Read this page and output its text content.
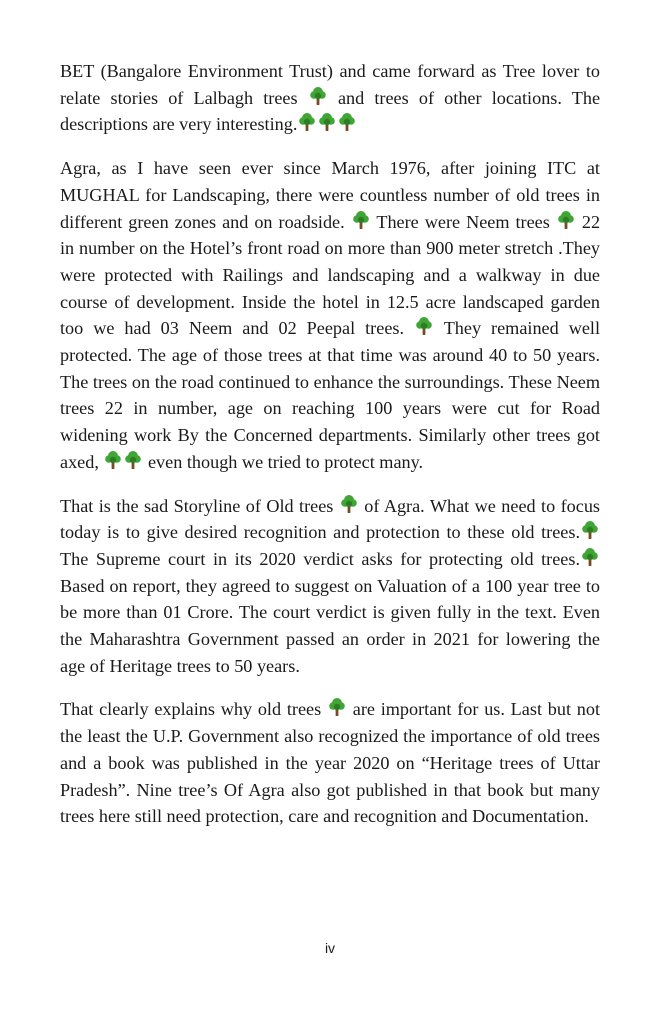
BET (Bangalore Environment Trust) and came forward as Tree lover to relate stories of Lalbagh trees and trees of other locations. The descriptions are very interesting.

Agra, as I have seen ever since March 1976, after joining ITC at MUGHAL for Landscaping, there were countless number of old trees in different green zones and on roadside. There were Neem trees 22 in number on the Hotel’s front road on more than 900 meter stretch .They were protected with Railings and landscaping and a walkway in due course of development. Inside the hotel in 12.5 acre landscaped garden too we had 03 Neem and 02 Peepal trees. They remained well protected. The age of those trees at that time was around 40 to 50 years. The trees on the road continued to enhance the surroundings. These Neem trees 22 in number, age on reaching 100 years were cut for Road widening work By the Concerned departments. Similarly other trees got axed,	even though we tried to protect many.

That is the sad Storyline of Old trees of Agra. What we need to focus today is to give desired recognition and protection to these old trees. The Supreme court in its 2020 verdict asks for protecting old trees. Based on report, they agreed to suggest on Valuation of a 100 year tree to be more than 01 Crore. The court verdict is given fully in the text. Even the Maharashtra Government passed an order in 2021 for lowering the age of Heritage trees to 50 years.

That clearly explains why old trees are important for us. Last but not the least the U.P. Government also recognized the importance of old trees and a book was published in the year 2020 on “Heritage trees of Uttar Pradesh”. Nine tree’s Of Agra also got published in that book but many trees here still need protection, care and recognition and Documentation.

iv
